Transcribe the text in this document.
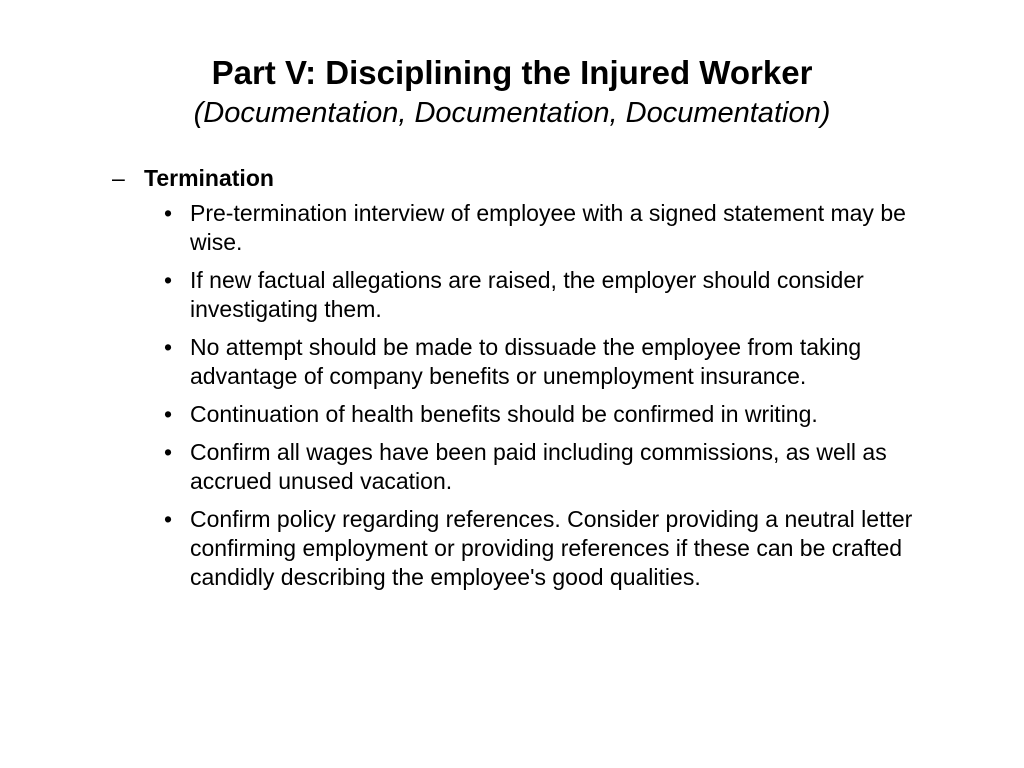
Part V: Disciplining the Injured Worker

(Documentation, Documentation, Documentation)

– Termination
• Pre-termination interview of employee with a signed statement may be wise.
• If new factual allegations are raised, the employer should consider investigating them.
• No attempt should be made to dissuade the employee from taking advantage of company benefits or unemployment insurance.
• Continuation of health benefits should be confirmed in writing.
• Confirm all wages have been paid including commissions, as well as accrued unused vacation.
• Confirm policy regarding references. Consider providing a neutral letter confirming employment or providing references if these can be crafted candidly describing the employee's good qualities.
